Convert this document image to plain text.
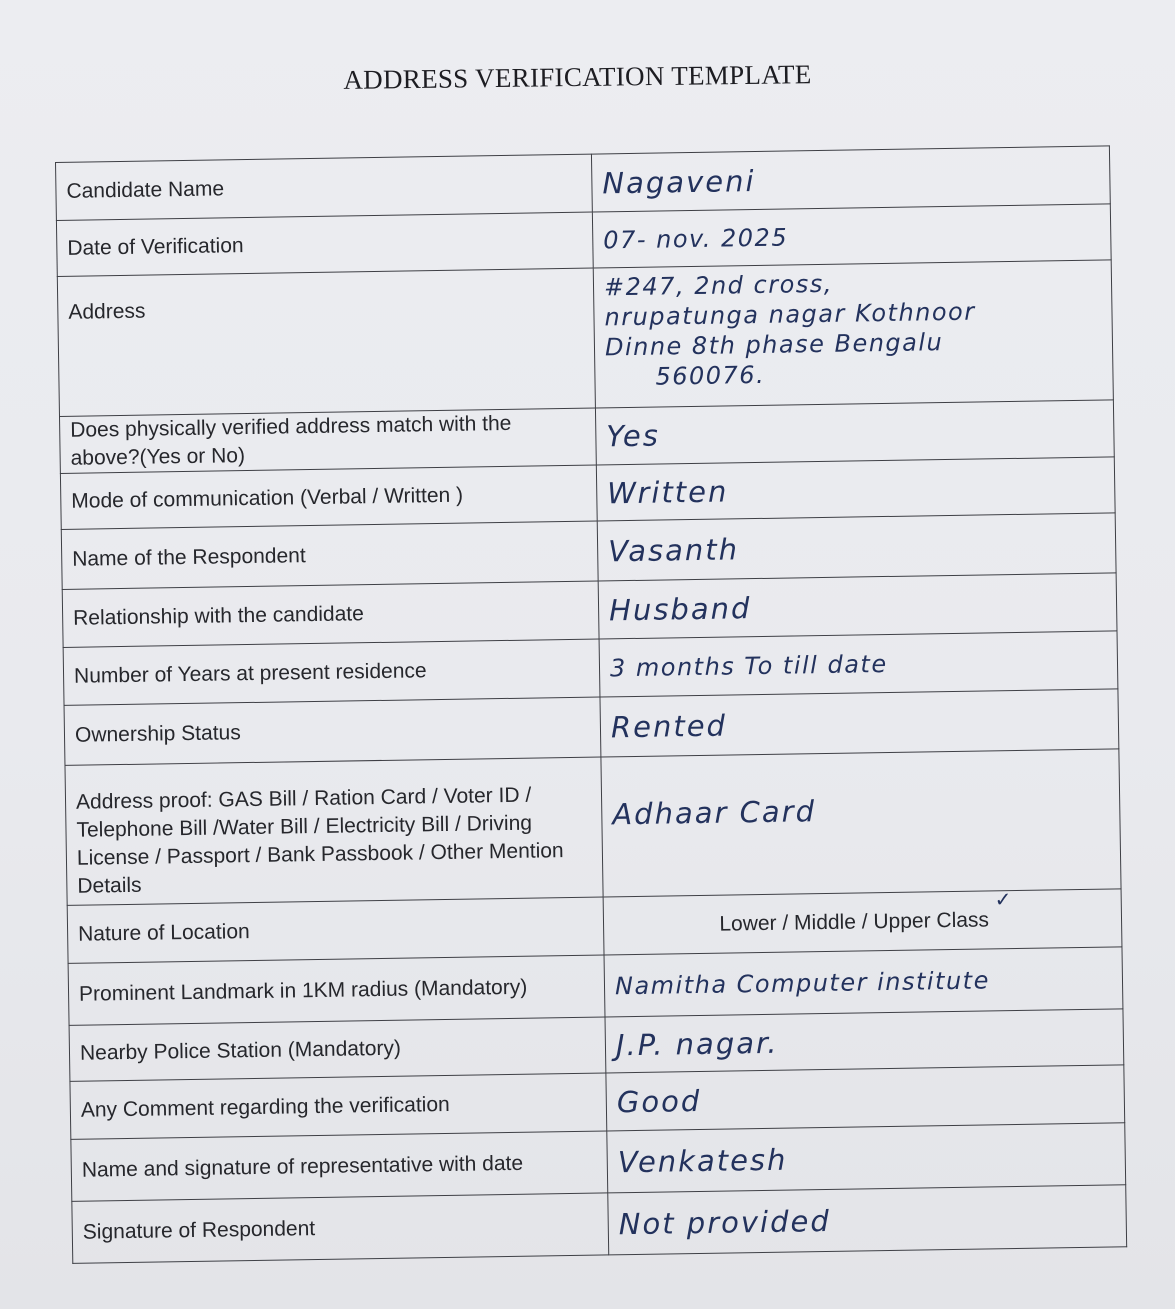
ADDRESS VERIFICATION TEMPLATE
Candidate Name	Nagaveni
Date of Verification	07- nov. 2025
Address	#247, 2nd cross,
nrupatunga nagar Kothnoor
Dinne 8th phase Bengalu
560076.

Does physically verified address match with the above?(Yes or No)	Yes
Mode of communication (Verbal / Written )	Written
Name of the Respondent	Vasanth
Relationship with the candidate	Husband
Number of Years at present residence	3 months To till date
Ownership Status	Rented
Address proof: GAS Bill / Ration Card / Voter ID / Telephone Bill /Water Bill / Electricity Bill / Driving License / Passport / Bank Passbook / Other Mention Details	Adhaar Card
Nature of Location	Lower / Middle / Upper Class✓
Prominent Landmark in 1KM radius (Mandatory)	Namitha Computer institute
Nearby Police Station (Mandatory)	J.P. nagar.
Any Comment regarding the verification	Good
Name and signature of representative with date	Venkatesh
Signature of Respondent	Not provided
